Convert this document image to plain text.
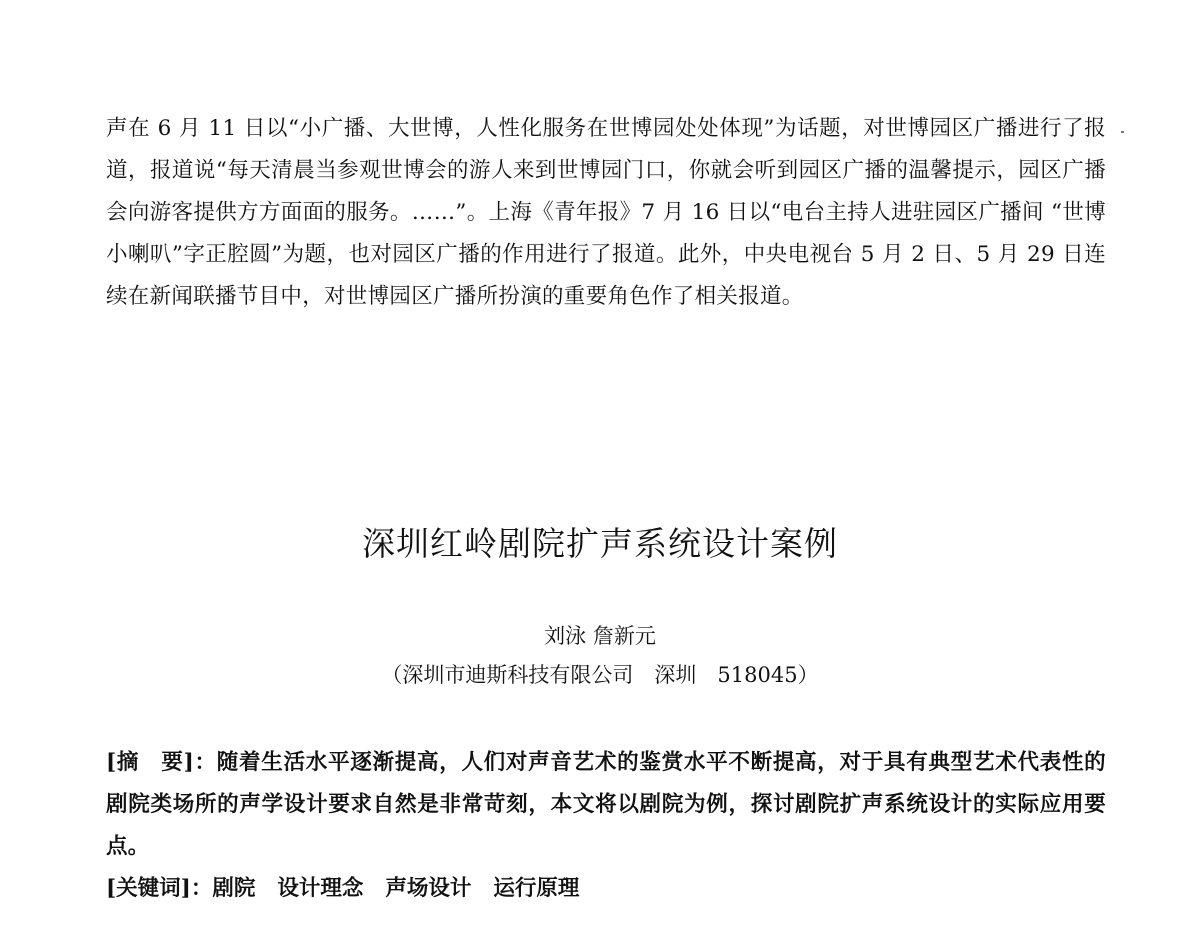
声在 6 月 11 日以“小广播、大世博，人性化服务在世博园处处体现”为话题，对世博园区广播进行了报道，报道说“每天清晨当参观世博会的游人来到世博园门口，你就会听到园区广播的温馨提示，园区广播会向游客提供方方面面的服务。……”。上海《青年报》7 月 16 日以“电台主持人进驻园区广播间 “世博小喇叭”字正腔圆”为题，也对园区广播的作用进行了报道。此外，中央电视台 5 月 2 日、5 月 29 日连续在新闻联播节目中，对世博园区广播所扮演的重要角色作了相关报道。

深圳红岭剧院扩声系统设计案例

刘泳 詹新元

（深圳市迪斯科技有限公司　深圳　518045）

[摘　要]：随着生活水平逐渐提高，人们对声音艺术的鉴赏水平不断提高，对于具有典型艺术代表性的剧院类场所的声学设计要求自然是非常苛刻，本文将以剧院为例，探讨剧院扩声系统设计的实际应用要点。

[关键词]：剧院 设计理念 声场设计 运行原理
